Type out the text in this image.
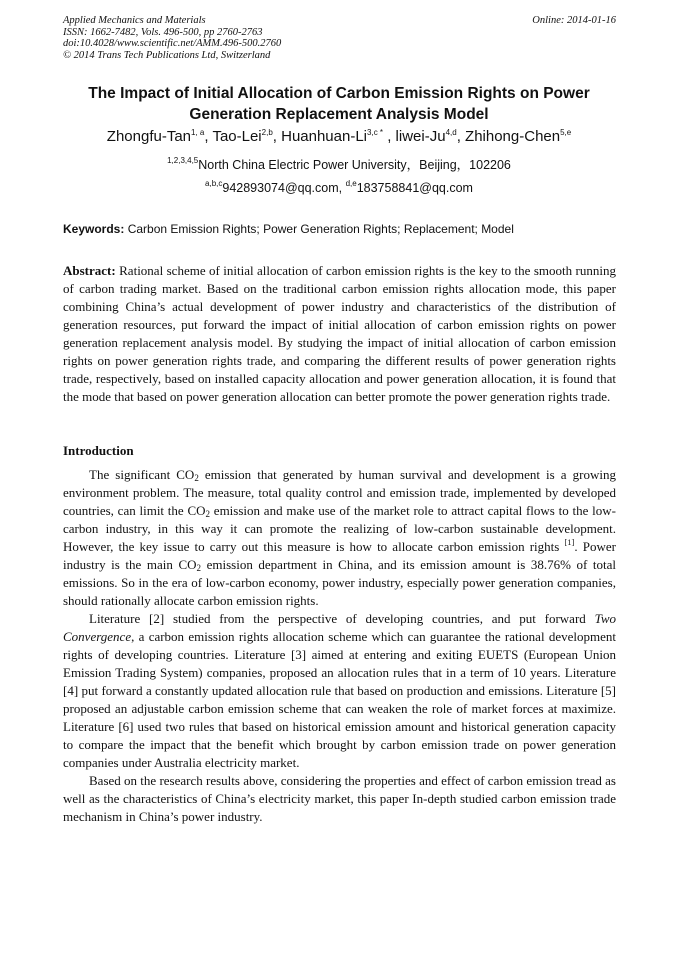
Applied Mechanics and Materials
ISSN: 1662-7482, Vols. 496-500, pp 2760-2763
doi:10.4028/www.scientific.net/AMM.496-500.2760
© 2014 Trans Tech Publications Ltd, Switzerland
Online: 2014-01-16
The Impact of Initial Allocation of Carbon Emission Rights on Power
Generation Replacement Analysis Model
Zhongfu-Tan$^{1, a}$, Tao-Lei$^{2,b}$, Huanhuan-$Li^{3,c *}$ , liwei-Ju$^{4,d}$, Zhihong-Chen$^{5,e}$
$^{1,2,3,4,5}$North China Electric Power University，Beijing，102206
$^{a,b,c}$942893074@qq.com, $^{d,e}$183758841@qq.com
Keywords: Carbon Emission Rights; Power Generation Rights; Replacement; Model
Abstract: Rational scheme of initial allocation of carbon emission rights is the key to the smooth running of carbon trading market. Based on the traditional carbon emission rights allocation mode, this paper combining China’s actual development of power industry and characteristics of the distribution of generation resources, put forward the impact of initial allocation of carbon emission rights on power generation replacement analysis model. By studying the impact of initial allocation of carbon emission rights on power generation rights trade, and comparing the different results of power generation rights trade, respectively, based on installed capacity allocation and power generation allocation, it is found that the mode that based on power generation allocation can better promote the power generation rights trade.
Introduction

The significant $CO_2$ emission that generated by human survival and development is a growing environment problem. The measure, total quality control and emission trade, implemented by developed countries, can limit the $CO_2$ emission and make use of the market role to attract capital flows to the low-carbon industry, in this way it can promote the realizing of low-carbon sustainable development. However, the key issue to carry out this measure is how to allocate carbon emission rights [1]. Power industry is the main $CO_2$ emission department in China, and its emission amount is 38.76% of total emissions. So in the era of low-carbon economy, power industry, especially power generation companies, should rationally allocate carbon emission rights.

Literature [2] studied from the perspective of developing countries, and put forward Two Convergence, a carbon emission rights allocation scheme which can guarantee the rational development rights of developing countries. Literature [3] aimed at entering and exiting EUETS (European Union Emission Trading System) companies, proposed an allocation rules that in a term of 10 years. Literature [4] put forward a constantly updated allocation rule that based on production and emissions. Literature [5] proposed an adjustable carbon emission scheme that can weaken the role of market forces at maximize. Literature [6] used two rules that based on historical emission amount and historical generation capacity to compare the impact that the benefit which brought by carbon emission trade on power generation companies under Australia electricity market.

Based on the research results above, considering the properties and effect of carbon emission tread as well as the characteristics of China’s electricity market, this paper In-depth studied carbon emission trade mechanism in China’s power industry.
